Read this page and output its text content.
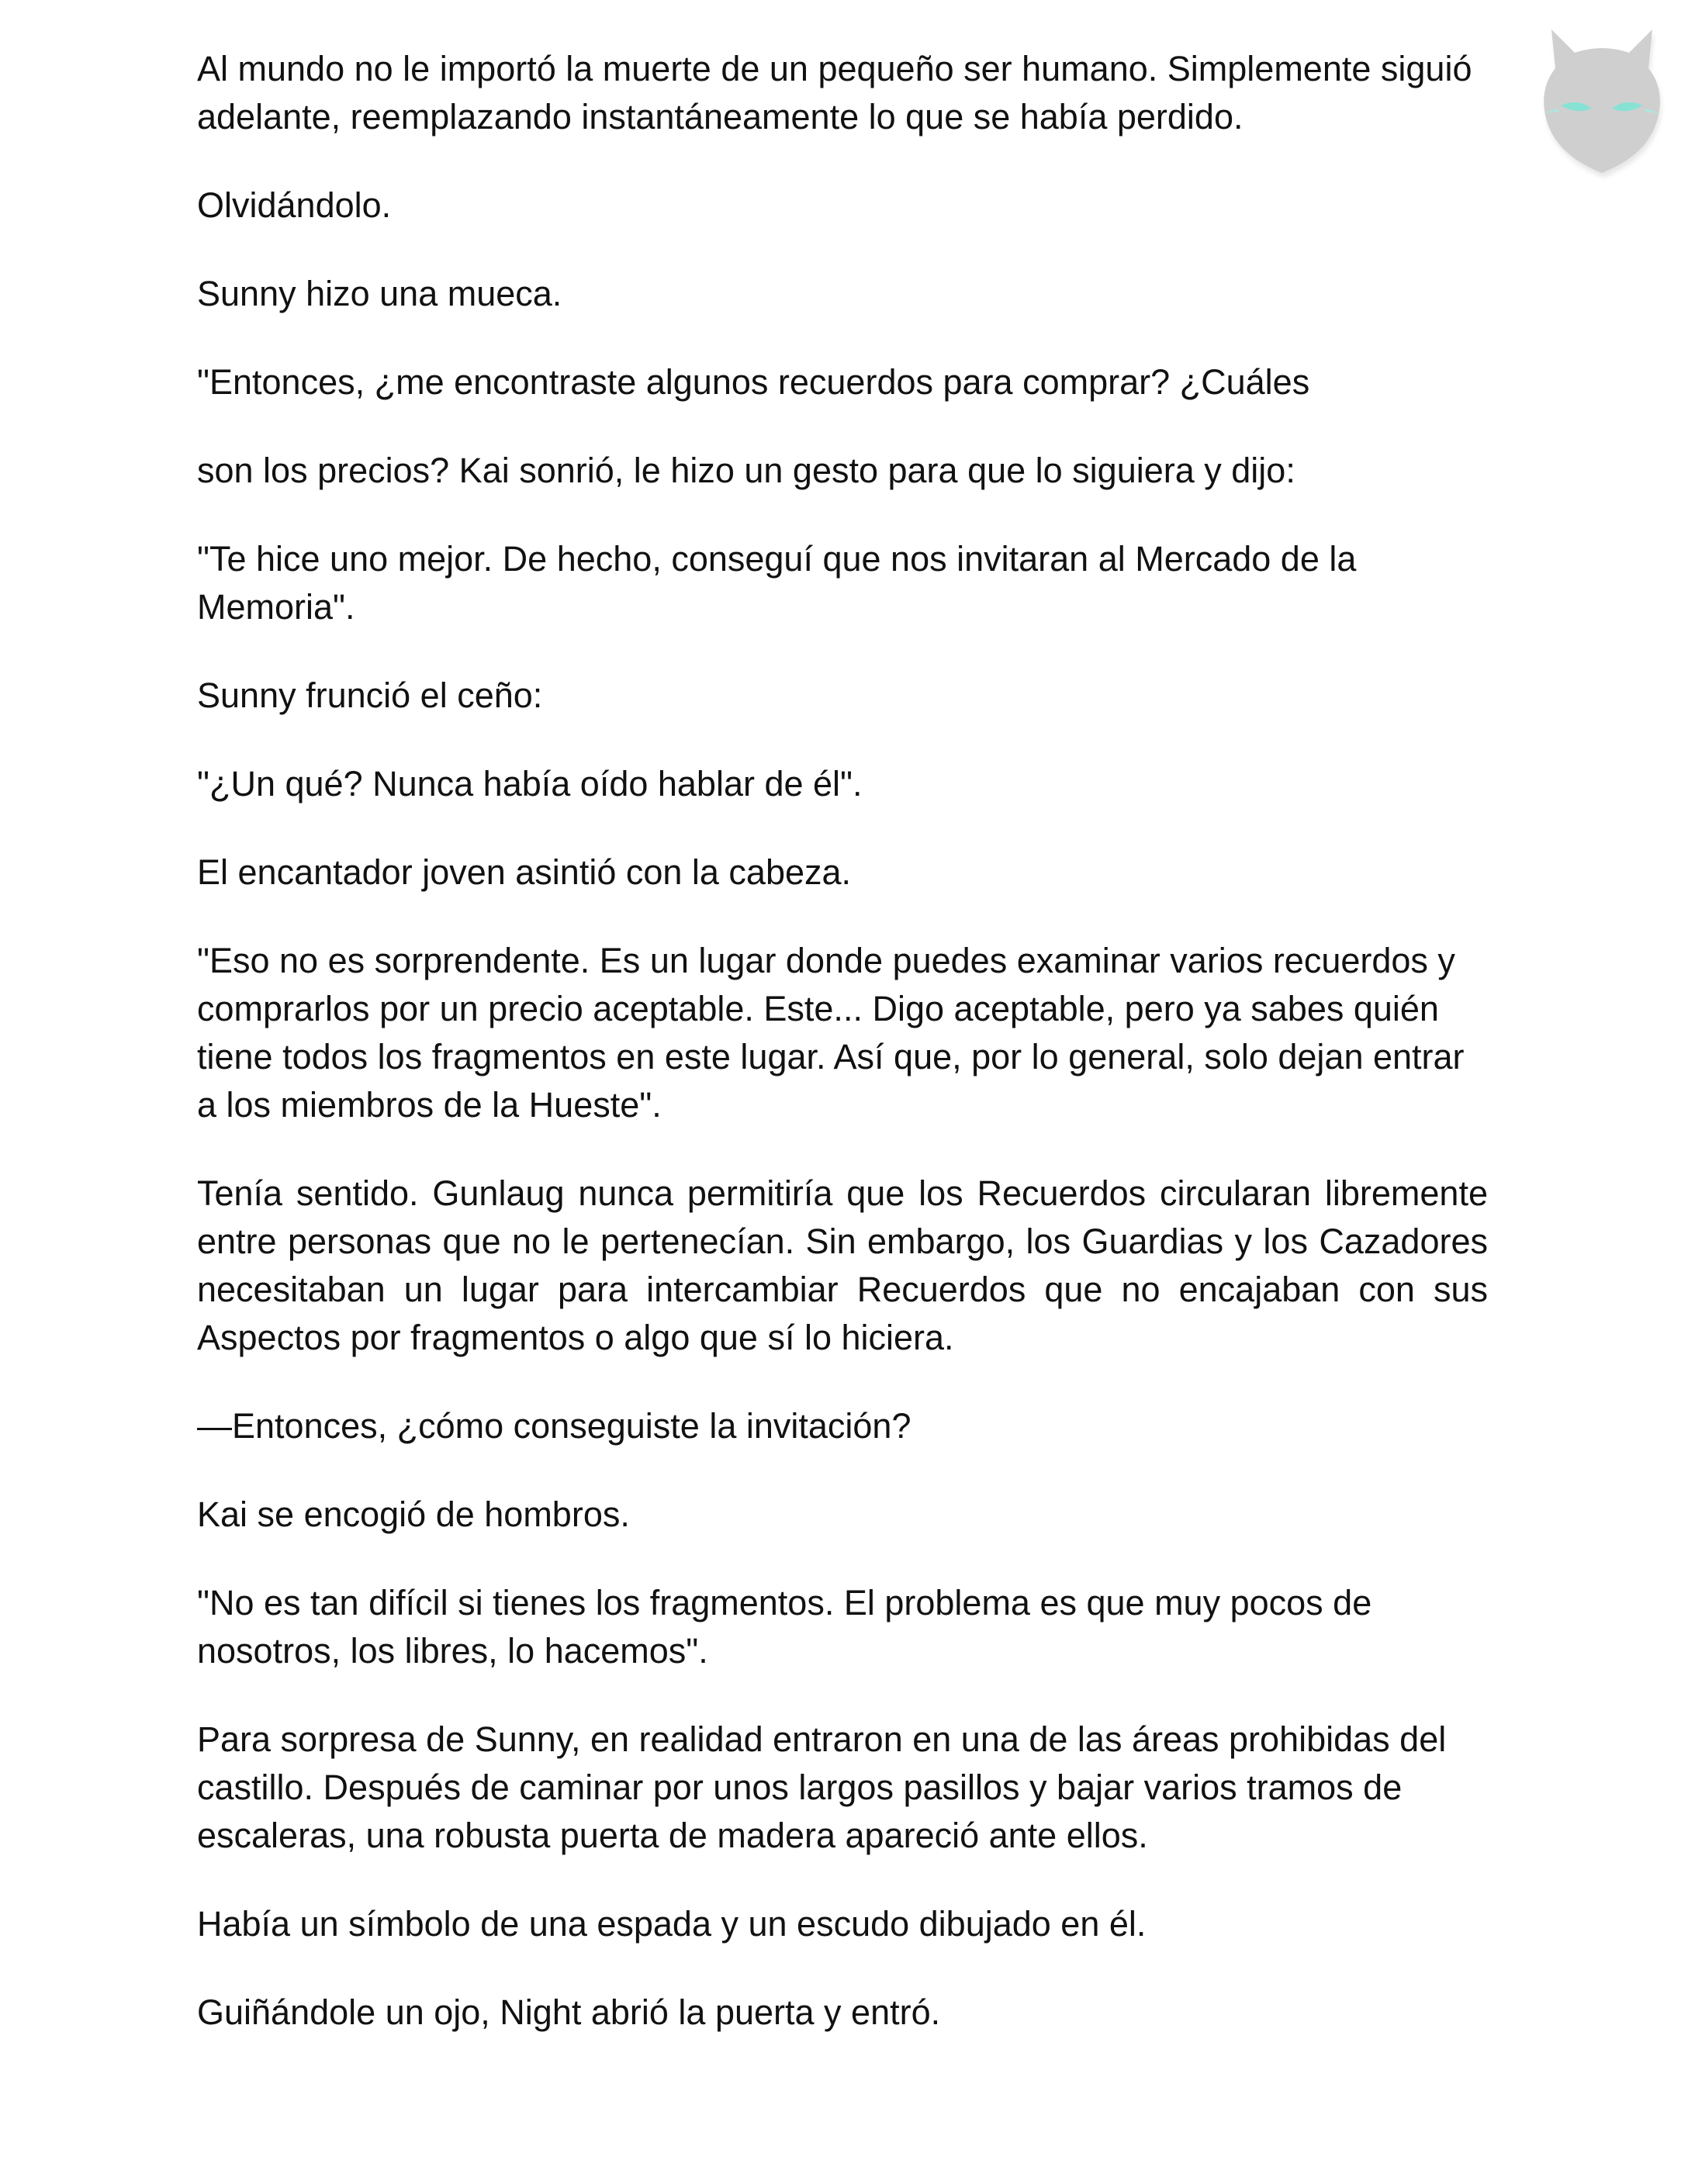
Al mundo no le importó la muerte de un pequeño ser humano. Simplemente siguió adelante, reemplazando instantáneamente lo que se había perdido.

Olvidándolo.

Sunny hizo una mueca.

"Entonces, ¿me encontraste algunos recuerdos para comprar? ¿Cuáles

son los precios? Kai sonrió, le hizo un gesto para que lo siguiera y dijo:

"Te hice uno mejor. De hecho, conseguí que nos invitaran al Mercado de la Memoria".

Sunny frunció el ceño:

"¿Un qué? Nunca había oído hablar de él".

El encantador joven asintió con la cabeza.

"Eso no es sorprendente. Es un lugar donde puedes examinar varios recuerdos y comprarlos por un precio aceptable. Este... Digo aceptable, pero ya sabes quién tiene todos los fragmentos en este lugar. Así que, por lo general, solo dejan entrar a los miembros de la Hueste".

Tenía sentido. Gunlaug nunca permitiría que los Recuerdos circularan libremente entre personas que no le pertenecían. Sin embargo, los Guardias y los Cazadores necesitaban un lugar para intercambiar Recuerdos que no encajaban con sus Aspectos por fragmentos o algo que sí lo hiciera.

—Entonces, ¿cómo conseguiste la invitación?

Kai se encogió de hombros.

"No es tan difícil si tienes los fragmentos. El problema es que muy pocos de nosotros, los libres, lo hacemos".

Para sorpresa de Sunny, en realidad entraron en una de las áreas prohibidas del castillo. Después de caminar por unos largos pasillos y bajar varios tramos de escaleras, una robusta puerta de madera apareció ante ellos.

Había un símbolo de una espada y un escudo dibujado en él.

Guiñándole un ojo, Night abrió la puerta y entró.
